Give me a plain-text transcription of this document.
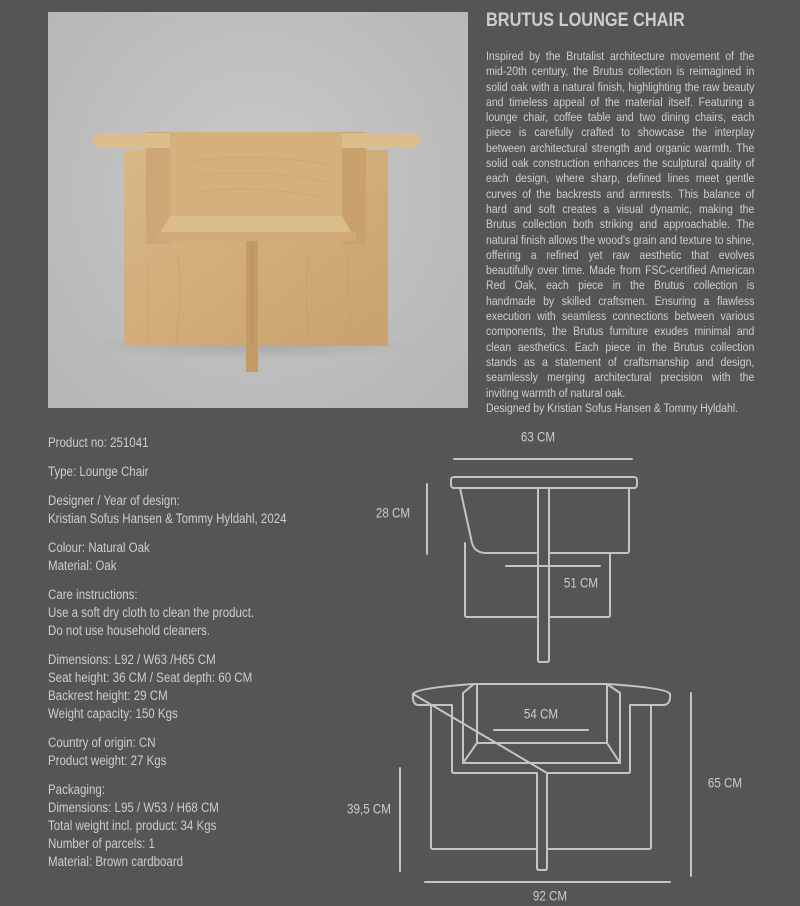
BRUTUS LOUNGE CHAIR
Inspired by the Brutalist architecture movement of the mid-20th century, the Brutus collection is reimagined in solid oak with a natural finish, highlighting the raw beauty and timeless appeal of the material itself. Featuring a lounge chair, coffee table and two dining chairs, each piece is carefully crafted to showcase the interplay between architectural strength and organic warmth. The solid oak construction enhances the sculptural quality of each design, where sharp, defined lines meet gentle curves of the backrests and armrests. This balance of hard and soft creates a visual dynamic, making the Brutus collection both striking and approachable. The natural finish allows the wood's grain and texture to shine, offering a refined yet raw aesthetic that evolves beautifully over time. Made from FSC-certified American Red Oak, each piece in the Brutus collection is handmade by skilled craftsmen. Ensuring a flawless execution with seamless connections between various components, the Brutus furniture exudes minimal and clean aesthetics. Each piece in the Brutus collection stands as a statement of craftsmanship and design, seamlessly merging architectural precision with the inviting warmth of natural oak.
Designed by Kristian Sofus Hansen & Tommy Hyldahl.
Product no: 251041
Type: Lounge Chair
Designer / Year of design:
Kristian Sofus Hansen & Tommy Hyldahl, 2024
Colour: Natural Oak
Material: Oak
Care instructions:
Use a soft dry cloth to clean the product.
Do not use household cleaners.
Dimensions: L92 / W63 /H65 CM
Seat height: 36 CM / Seat depth: 60 CM
Backrest height: 29 CM
Weight capacity: 150 Kgs
Country of origin: CN
Product weight: 27 Kgs
Packaging:
Dimensions: L95 / W53 / H68 CM
Total weight incl. product: 34 Kgs
Number of parcels: 1
Material: Brown cardboard
63 CM
28 CM
51 CM
54 CM
39,5 CM
65 CM
92 CM
